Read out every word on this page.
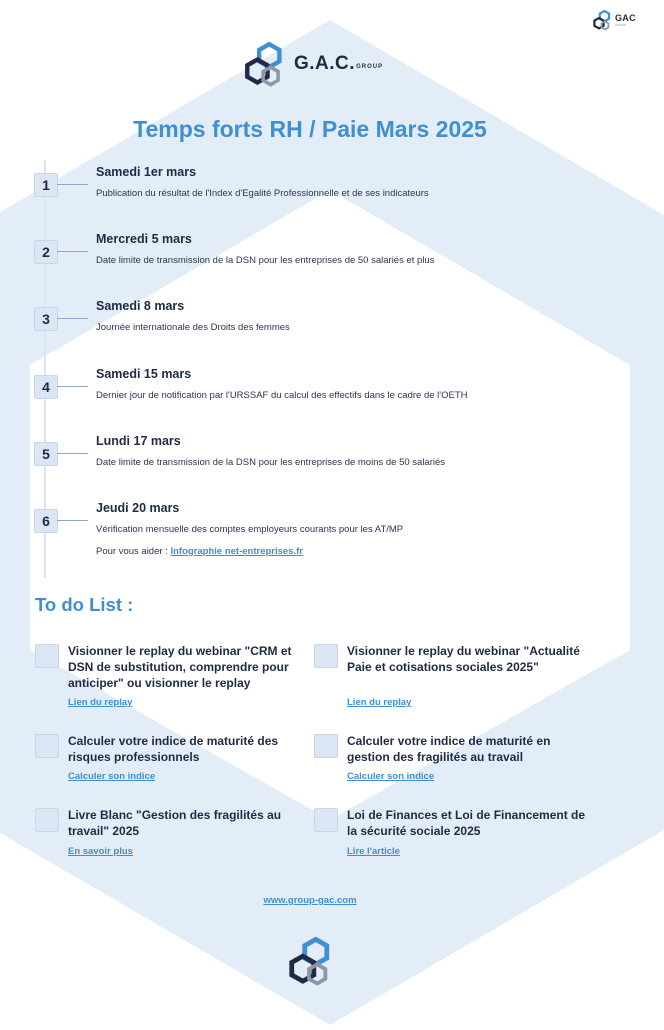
GAC
GROUP
G.A.C.GROUP
Temps forts RH / Paie Mars 2025
1
Samedi 1er mars
Publication du résultat de l'Index d'Egalité Professionnelle et de ses indicateurs
2
Mercredi 5 mars
Date limite de transmission de la DSN pour les entreprises de 50 salariés et plus
3
Samedi 8 mars
Journée internationale des Droits des femmes
4
Samedi 15 mars
Dernier jour de notification par l'URSSAF du calcul des effectifs dans le cadre de l'OETH
5
Lundi 17 mars
Date limite de transmission de la DSN pour les entreprises de moins de 50 salariés
6
Jeudi 20 mars
Vérification mensuelle des comptes employeurs courants pour les AT/MP
Pour vous aider : Infographie net-entreprises.fr
To do List :
Visionner le replay du webinar "CRM et DSN de substitution, comprendre pour anticiper" ou visionner le replay
Lien du replay
Visionner le replay du webinar "Actualité Paie et cotisations sociales 2025"
Lien du replay
Calculer votre indice de maturité des risques professionnels
Calculer son indice
Calculer votre indice de maturité en gestion des fragilités au travail
Calculer son indice
Livre Blanc "Gestion des fragilités au travail" 2025
En savoir plus
Loi de Finances et Loi de Financement de la sécurité sociale 2025
Lire l'article
www.group-gac.com
